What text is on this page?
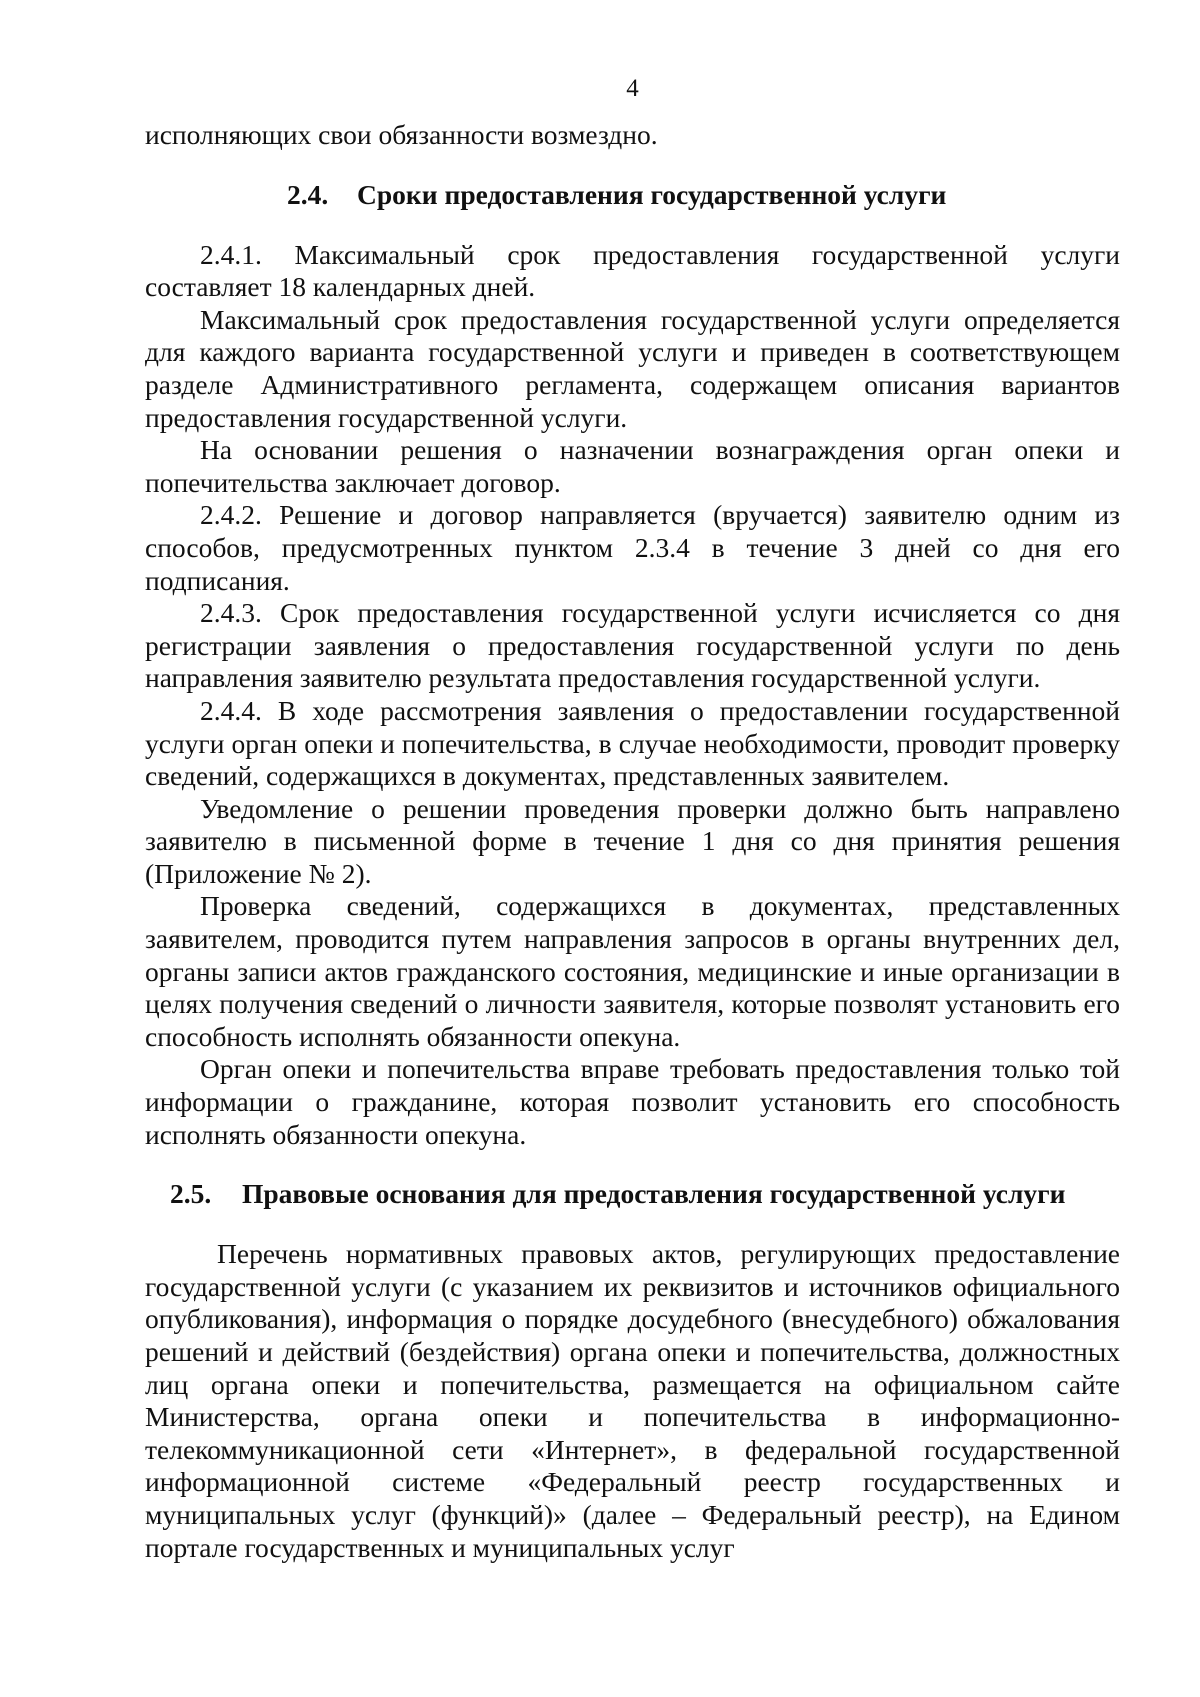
4

исполняющих свои обязанности возмездно.

2.4. Сроки предоставления государственной услуги

2.4.1. Максимальный срок предоставления государственной услуги составляет 18 календарных дней.

Максимальный срок предоставления государственной услуги определяется для каждого варианта государственной услуги и приведен в соответствующем разделе Административного регламента, содержащем описания вариантов предоставления государственной услуги.

На основании решения о назначении вознаграждения орган опеки и попечительства заключает договор.

2.4.2. Решение и договор направляется (вручается) заявителю одним из способов, предусмотренных пунктом 2.3.4 в течение 3 дней со дня его подписания.

2.4.3. Срок предоставления государственной услуги исчисляется со дня регистрации заявления о предоставления государственной услуги по день направления заявителю результата предоставления государственной услуги.

2.4.4. В ходе рассмотрения заявления о предоставлении государственной услуги орган опеки и попечительства, в случае необходимости, проводит проверку сведений, содержащихся в документах, представленных заявителем.

Уведомление о решении проведения проверки должно быть направлено заявителю в письменной форме в течение 1 дня со дня принятия решения (Приложение № 2).

Проверка сведений, содержащихся в документах, представленных заявителем, проводится путем направления запросов в органы внутренних дел, органы записи актов гражданского состояния, медицинские и иные организации в целях получения сведений о личности заявителя, которые позволят установить его способность исполнять обязанности опекуна.

Орган опеки и попечительства вправе требовать предоставления только той информации о гражданине, которая позволит установить его способность исполнять обязанности опекуна.

2.5. Правовые основания для предоставления государственной услуги

Перечень нормативных правовых актов, регулирующих предоставление государственной услуги (с указанием их реквизитов и источников официального опубликования), информация о порядке досудебного (внесудебного) обжалования решений и действий (бездействия) органа опеки и попечительства, должностных лиц органа опеки и попечительства, размещается на официальном сайте Министерства, органа опеки и попечительства в информационно-телекоммуникационной сети «Интернет», в федеральной государственной информационной системе «Федеральный реестр государственных и муниципальных услуг (функций)» (далее – Федеральный реестр), на Едином портале государственных и муниципальных услуг
